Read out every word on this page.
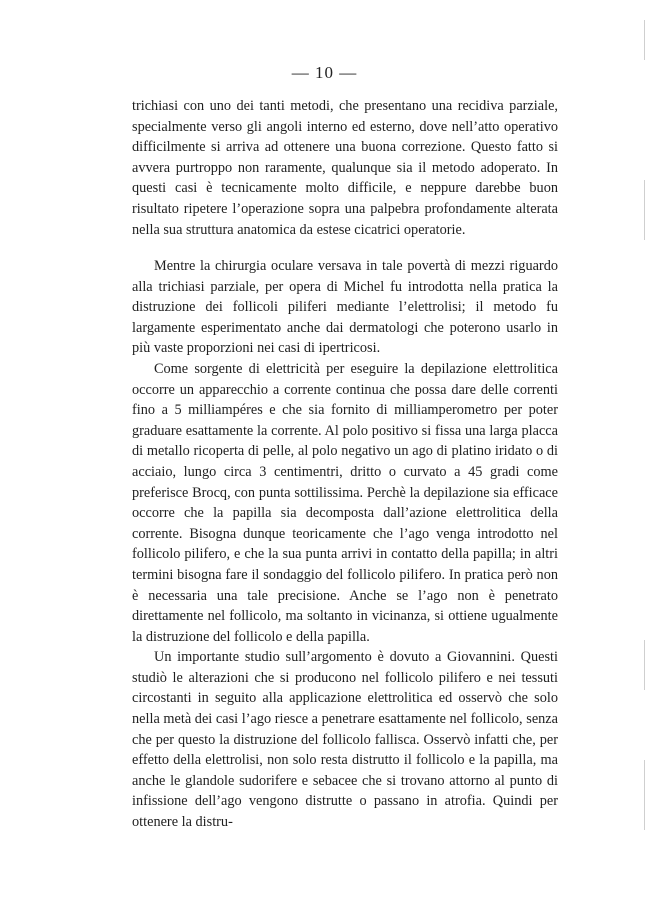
— 10 —

trichiasi con uno dei tanti metodi, che presentano una recidiva parziale, specialmente verso gli angoli interno ed esterno, dove nell’atto operativo difficilmente si arriva ad ottenere una buona correzione. Questo fatto si avvera purtroppo non raramente, qualunque sia il metodo adoperato. In questi casi è tecnicamente molto difficile, e neppure darebbe buon risultato ripetere l’operazione sopra una palpebra profondamente alterata nella sua struttura anatomica da estese cicatrici operatorie.

Mentre la chirurgia oculare versava in tale povertà di mezzi riguardo alla trichiasi parziale, per opera di Michel fu introdotta nella pratica la distruzione dei follicoli piliferi mediante l’elettrolisi; il metodo fu largamente esperimentato anche dai dermatologi che poterono usarlo in più vaste proporzioni nei casi di ipertricosi.

Come sorgente di elettricità per eseguire la depilazione elettrolitica occorre un apparecchio a corrente continua che possa dare delle correnti fino a 5 milliampéres e che sia fornito di milliamperometro per poter graduare esattamente la corrente. Al polo positivo si fissa una larga placca di metallo ricoperta di pelle, al polo negativo un ago di platino iridato o di acciaio, lungo circa 3 centimentri, dritto o curvato a 45 gradi come preferisce Brocq, con punta sottilissima. Perchè la depilazione sia efficace occorre che la papilla sia decomposta dall’azione elettrolitica della corrente. Bisogna dunque teoricamente che l’ago venga introdotto nel follicolo pilifero, e che la sua punta arrivi in contatto della papilla; in altri termini bisogna fare il sondaggio del follicolo pilifero. In pratica però non è necessaria una tale precisione. Anche se l’ago non è penetrato direttamente nel follicolo, ma soltanto in vicinanza, si ottiene ugualmente la distruzione del follicolo e della papilla.

Un importante studio sull’argomento è dovuto a Giovannini. Questi studiò le alterazioni che si producono nel follicolo pilifero e nei tessuti circostanti in seguito alla applicazione elettrolitica ed osservò che solo nella metà dei casi l’ago riesce a penetrare esattamente nel follicolo, senza che per questo la distruzione del follicolo fallisca. Osservò infatti che, per effetto della elettrolisi, non solo resta distrutto il follicolo e la papilla, ma anche le glandole sudorifere e sebacee che si trovano attorno al punto di infissione dell’ago vengono distrutte o passano in atrofia. Quindi per ottenere la distru-
